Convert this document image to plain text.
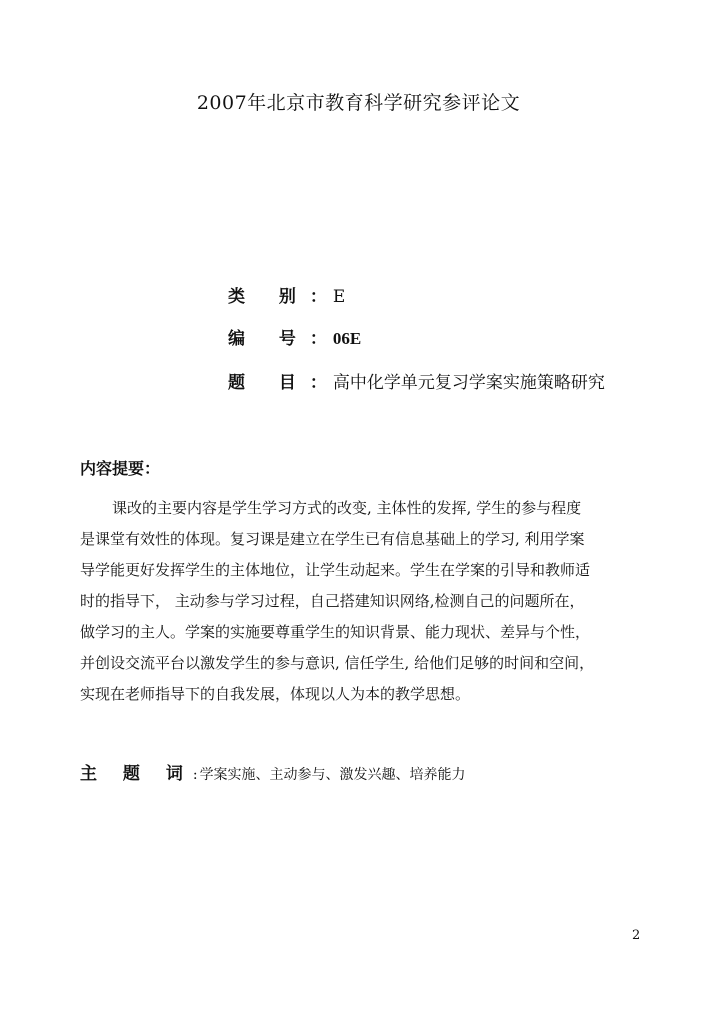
2007年北京市教育科学研究参评论文
类 别： E
编 号： 06E
题 目： 高中化学单元复习学案实施策略研究
内容提要：
课改的主要内容是学生学习方式的改变, 主体性的发挥, 学生的参与程度
是课堂有效性的体现。复习课是建立在学生已有信息基础上的学习, 利用学案
导学能更好发挥学生的主体地位，让学生动起来。学生在学案的引导和教师适
时的指导下， 主动参与学习过程，自己搭建知识网络,检测自己的问题所在，
做学习的主人。学案的实施要尊重学生的知识背景、能力现状、差异与个性，
并创设交流平台以激发学生的参与意识, 信任学生, 给他们足够的时间和空间，
实现在老师指导下的自我发展，体现以人为本的教学思想。
主 题 词: 学案实施、主动参与、激发兴趣、培养能力
2
